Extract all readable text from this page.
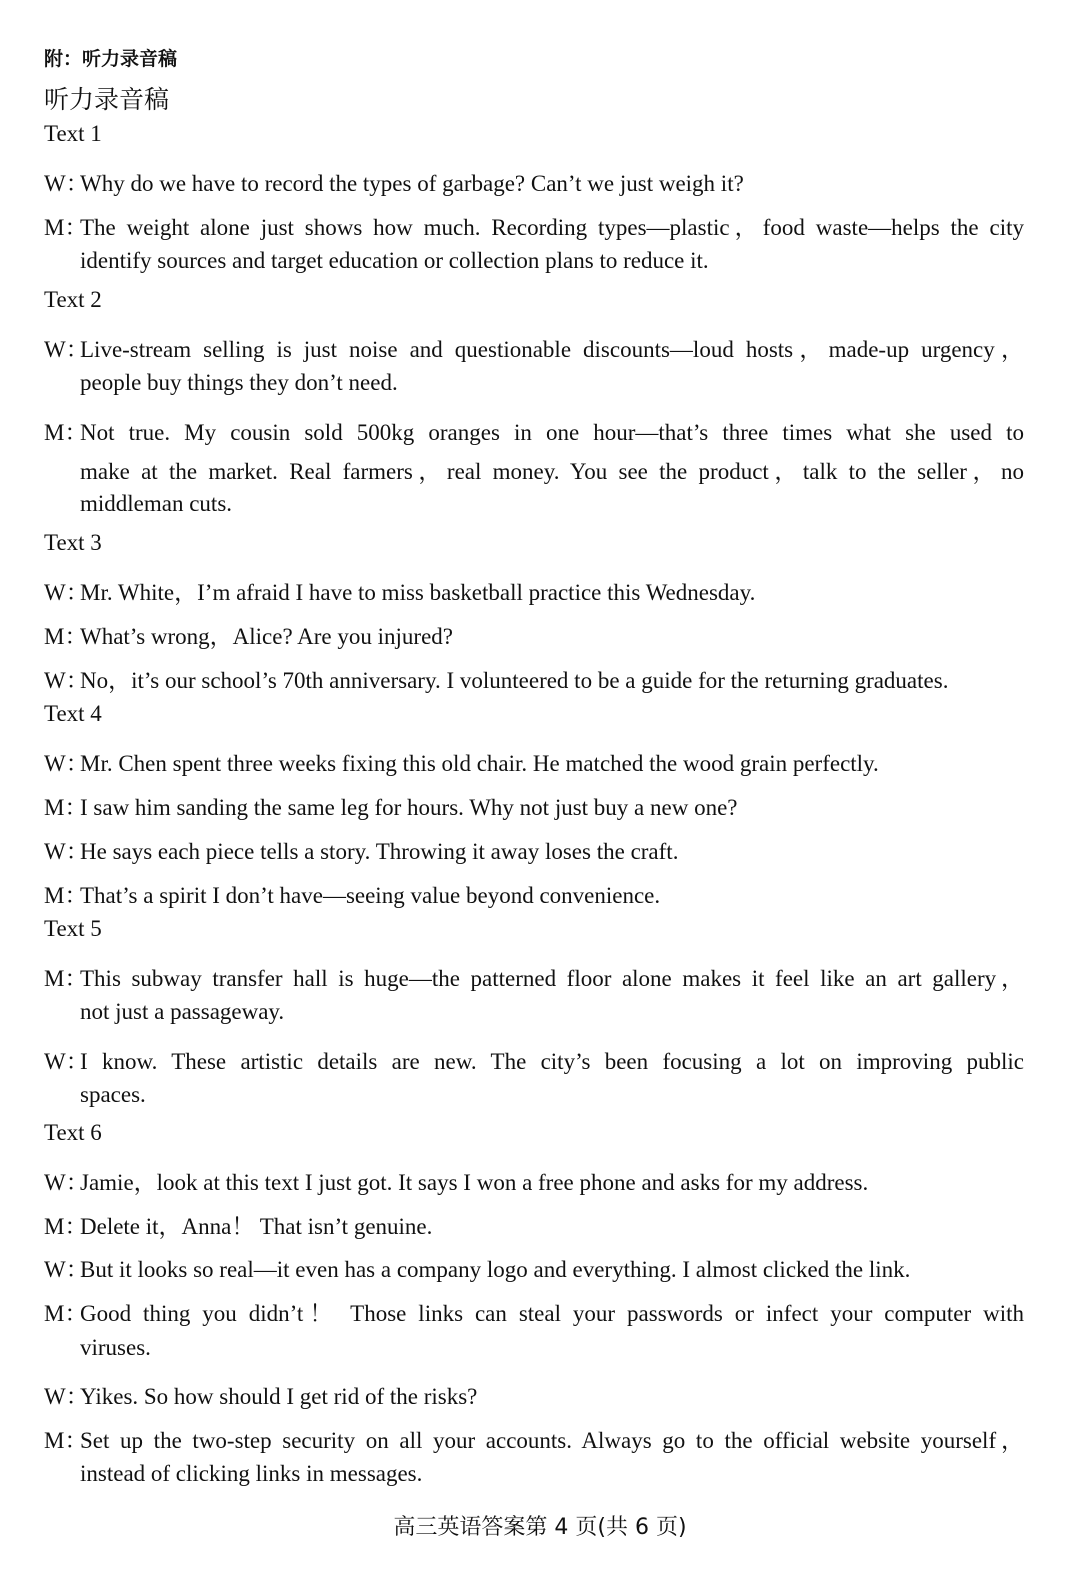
附：听力录音稿
听力录音稿
Text 1
W：Why do we have to record the types of garbage? Can’t we just weigh it?
M：The weight alone just shows how much. Recording types—plastic，food waste—helps the city
identify sources and target education or collection plans to reduce it.
Text 2
W：Live-stream selling is just noise and questionable discounts—loud hosts，made-up urgency，
people buy things they don’t need.
M：Not true. My cousin sold 500kg oranges in one hour—that’s three times what she used to
make at the market. Real farmers，real money. You see the product，talk to the seller，no
middleman cuts.
Text 3
W：Mr. White，I’m afraid I have to miss basketball practice this Wednesday.
M：What’s wrong，Alice? Are you injured?
W：No，it’s our school’s 70th anniversary. I volunteered to be a guide for the returning graduates.
Text 4
W：Mr. Chen spent three weeks fixing this old chair. He matched the wood grain perfectly.
M：I saw him sanding the same leg for hours. Why not just buy a new one?
W：He says each piece tells a story. Throwing it away loses the craft.
M：That’s a spirit I don’t have—seeing value beyond convenience.
Text 5
M：This subway transfer hall is huge—the patterned floor alone makes it feel like an art gallery，
not just a passageway.
W：I know. These artistic details are new. The city’s been focusing a lot on improving public
spaces.
Text 6
W：Jamie，look at this text I just got. It says I won a free phone and asks for my address.
M：Delete it，Anna！ That isn’t genuine.
W：But it looks so real—it even has a company logo and everything. I almost clicked the link.
M：Good thing you didn’t！ Those links can steal your passwords or infect your computer with
viruses.
W：Yikes. So how should I get rid of the risks?
M：Set up the two-step security on all your accounts. Always go to the official website yourself，
instead of clicking links in messages.
高三英语答案第 4 页(共 6 页)
